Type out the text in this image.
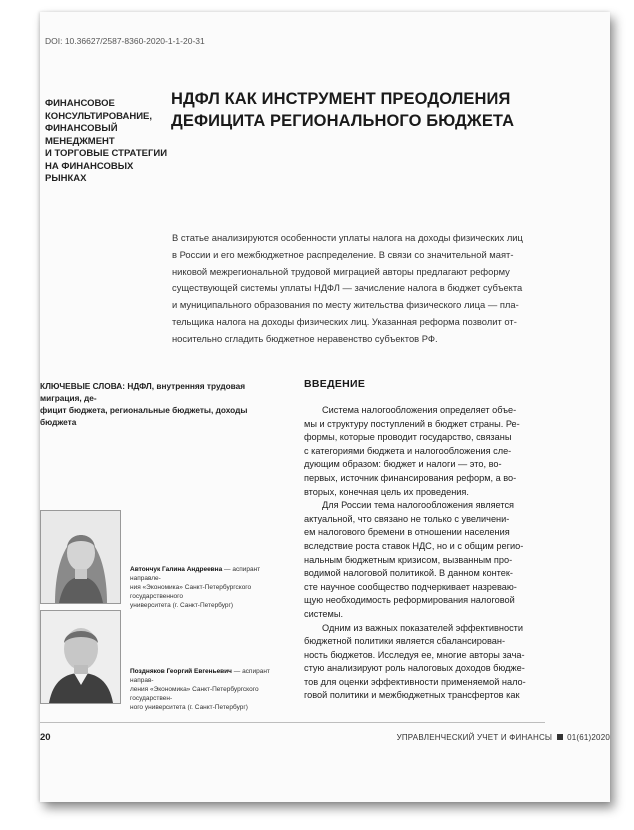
DOI: 10.36627/2587-8360-2020-1-1-20-31
ФИНАНСОВОЕ
КОНСУЛЬТИРОВАНИЕ,
ФИНАНСОВЫЙ
МЕНЕДЖМЕНТ
И ТОРГОВЫЕ СТРАТЕГИИ
НА ФИНАНСОВЫХ
РЫНКАХ
НДФЛ КАК ИНСТРУМЕНТ ПРЕОДОЛЕНИЯ
ДЕФИЦИТА РЕГИОНАЛЬНОГО БЮДЖЕТА
В статье анализируются особенности уплаты налога на доходы физических лиц
в России и его межбюджетное распределение. В связи со значительной маят-
никовой межрегиональной трудовой миграцией авторы предлагают реформу
существующей системы уплаты НДФЛ — зачисление налога в бюджет субъекта
и муниципального образования по месту жительства физического лица — пла-
тельщика налога на доходы физических лиц. Указанная реформа позволит от-
носительно сгладить бюджетное неравенство субъектов РФ.
КЛЮЧЕВЫЕ СЛОВА: НДФЛ, внутренняя трудовая миграция, де-
фицит бюджета, региональные бюджеты, доходы бюджета
ВВЕДЕНИЕ
Система налогообложения определяет объе-
мы и структуру поступлений в бюджет страны. Ре-
формы, которые проводит государство, связаны
с категориями бюджета и налогообложения сле-
дующим образом: бюджет и налоги — это, во-
первых, источник финансирования реформ, а во-
вторых, конечная цель их проведения.
Для России тема налогообложения является
актуальной, что связано не только с увеличени-
ем налогового бремени в отношении населения
вследствие роста ставок НДС, но и с общим регио-
нальным бюджетным кризисом, вызванным про-
водимой налоговой политикой. В данном контек-
сте научное сообщество подчеркивает назреваю-
щую необходимость реформирования налоговой
системы.
Одним из важных показателей эффективности
бюджетной политики является сбалансирован-
ность бюджетов. Исследуя ее, многие авторы зача-
стую анализируют роль налоговых доходов бюдже-
тов для оценки эффективности применяемой нало-
говой политики и межбюджетных трансфертов как
Автончук Галина Андреевна — аспирант направле-
ния «Экономика» Санкт-Петербургского государственного
университета (г. Санкт-Петербург)
Поздняков Георгий Евгеньевич — аспирант направ-
ления «Экономика» Санкт-Петербургского государствен-
ного университета (г. Санкт-Петербург)
20	УПРАВЛЕНЧЕСКИЙ УЧЕТ И ФИНАНСЫ 01(61)2020
